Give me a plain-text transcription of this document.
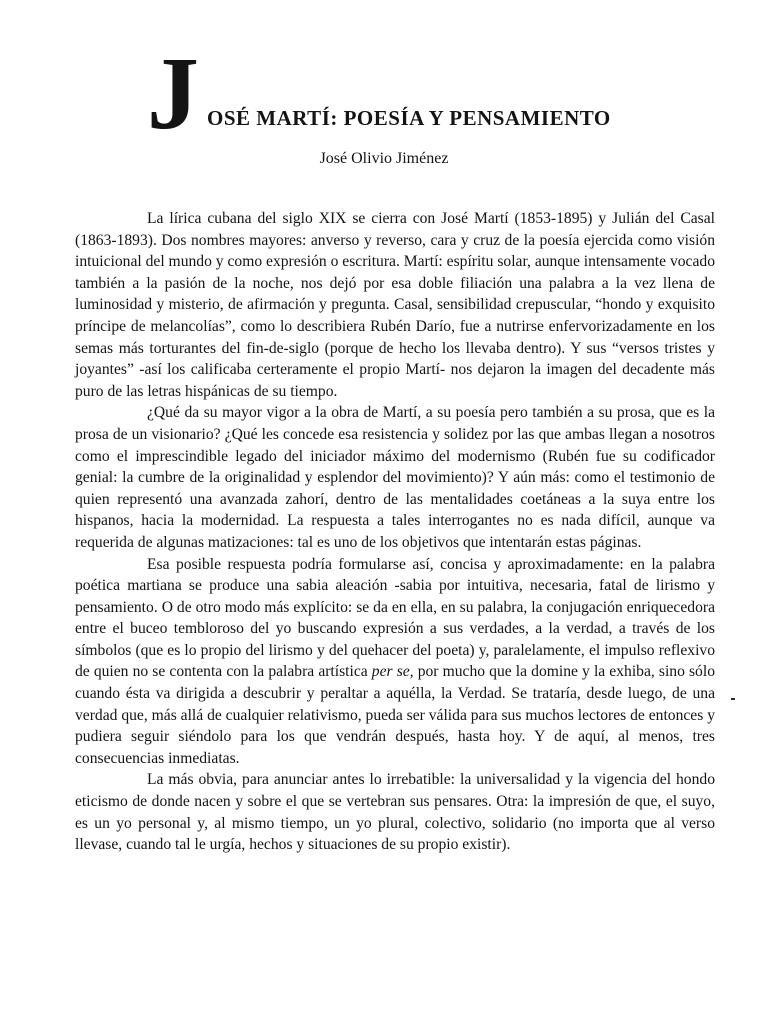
J OSÉ MARTÍ: POESÍA Y PENSAMIENTO
José Olivio Jiménez

La lírica cubana del siglo XIX se cierra con José Martí (1853-1895) y Julián del Casal (1863-1893). Dos nombres mayores: anverso y reverso, cara y cruz de la poesía ejercida como visión intuicional del mundo y como expresión o escritura. Martí: espíritu solar, aunque intensamente vocado también a la pasión de la noche, nos dejó por esa doble filiación una palabra a la vez llena de luminosidad y misterio, de afirmación y pregunta. Casal, sensibilidad crepuscular, “hondo y exquisito príncipe de melancolías”, como lo describiera Rubén Darío, fue a nutrirse enfervorizadamente en los semas más torturantes del fin-de-siglo (porque de hecho los llevaba dentro). Y sus “versos tristes y joyantes” -así los calificaba certeramente el propio Martí- nos dejaron la imagen del decadente más puro de las letras hispánicas de su tiempo.

¿Qué da su mayor vigor a la obra de Martí, a su poesía pero también a su prosa, que es la prosa de un visionario? ¿Qué les concede esa resistencia y solidez por las que ambas llegan a nosotros como el imprescindible legado del iniciador máximo del modernismo (Rubén fue su codificador genial: la cumbre de la originalidad y esplendor del movimiento)? Y aún más: como el testimonio de quien representó una avanzada zahorí, dentro de las mentalidades coetáneas a la suya entre los hispanos, hacia la modernidad. La respuesta a tales interrogantes no es nada difícil, aunque va requerida de algunas matizaciones: tal es uno de los objetivos que intentarán estas páginas.

Esa posible respuesta podría formularse así, concisa y aproximadamente: en la palabra poética martiana se produce una sabia aleación -sabia por intuitiva, necesaria, fatal de lirismo y pensamiento. O de otro modo más explícito: se da en ella, en su palabra, la conjugación enriquecedora entre el buceo tembloroso del yo buscando expresión a sus verdades, a la verdad, a través de los símbolos (que es lo propio del lirismo y del quehacer del poeta) y, paralelamente, el impulso reflexivo de quien no se contenta con la palabra artística per se, por mucho que la domine y la exhiba, sino sólo cuando ésta va dirigida a descubrir y peraltar a aquélla, la Verdad. Se trataría, desde luego, de una verdad que, más allá de cualquier relativismo, pueda ser válida para sus muchos lectores de entonces y pudiera seguir siéndolo para los que vendrán después, hasta hoy. Y de aquí, al menos, tres consecuencias inmediatas.

La más obvia, para anunciar antes lo irrebatible: la universalidad y la vigencia del hondo eticismo de donde nacen y sobre el que se vertebran sus pensares. Otra: la impresión de que, el suyo, es un yo personal y, al mismo tiempo, un yo plural, colectivo, solidario (no importa que al verso llevase, cuando tal le urgía, hechos y situaciones de su propio existir).
